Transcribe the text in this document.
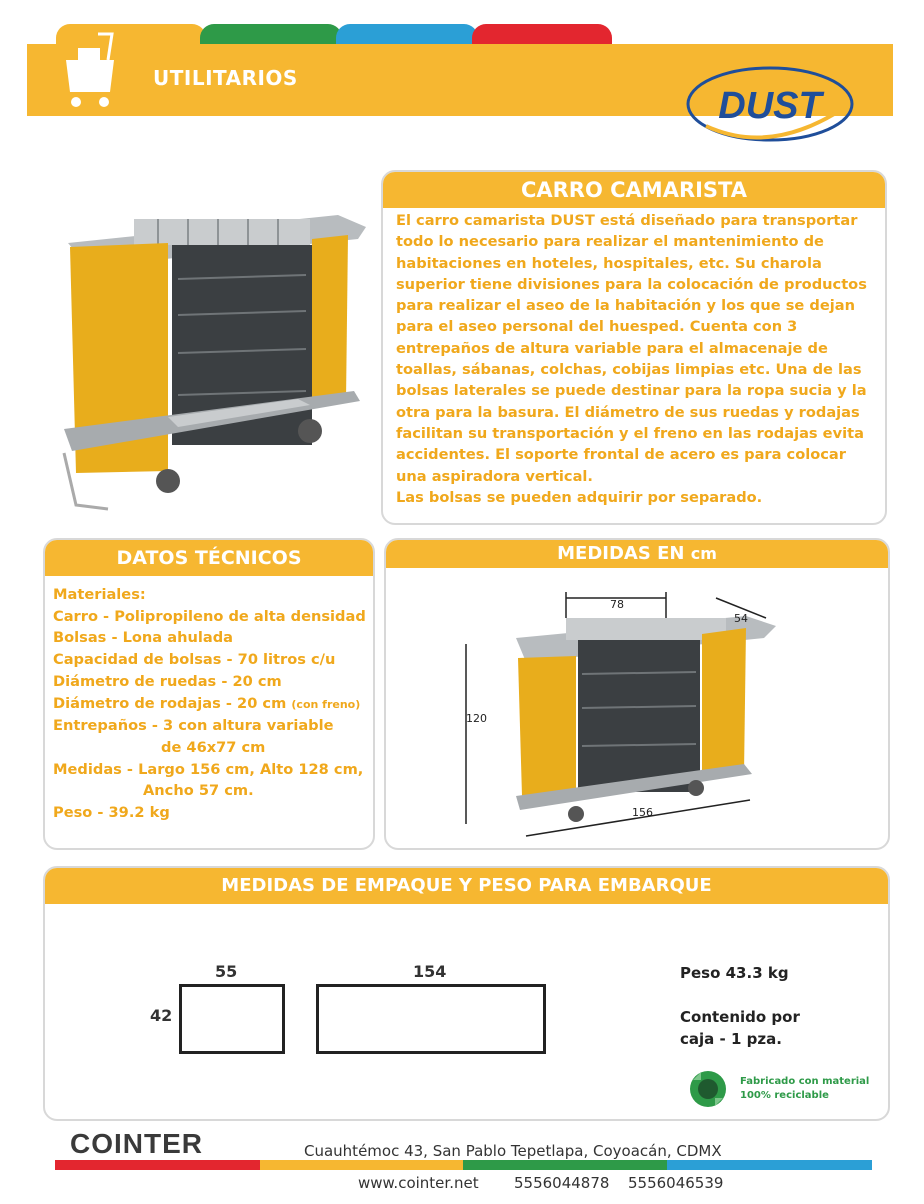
UTILITARIOS
DUST
CARRO CAMARISTA
El carro camarista DUST está diseñado para transportar todo lo necesario para realizar el mantenimiento de habitaciones en hoteles, hospitales, etc. Su charola superior tiene divisiones para la colocación de productos para realizar el aseo de la habitación y los que se dejan para el aseo personal del huesped. Cuenta con 3 entrepaños de altura variable para el almacenaje de toallas, sábanas, colchas, cobijas limpias etc. Una de las bolsas laterales se puede destinar para la ropa sucia y la otra para la basura. El diámetro de sus ruedas y rodajas facilitan su transportación y el freno en las rodajas evita accidentes. El soporte frontal de acero es para colocar una aspiradora vertical.
Las bolsas se pueden adquirir por separado.
DATOS TÉCNICOS
Materiales:
Carro - Polipropileno de alta densidad
Bolsas - Lona ahulada
Capacidad de bolsas - 70 litros c/u
Diámetro de ruedas - 20 cm
Diámetro de rodajas - 20 cm (con freno)
Entrepaños - 3 con altura variable
de 46x77 cm
Medidas - Largo 156 cm, Alto 128 cm,
Ancho 57 cm.
Peso - 39.2 kg
MEDIDAS EN cm
78
54
120
156
MEDIDAS DE EMPAQUE Y PESO PARA EMBARQUE
55
42
154	Peso 43.3 kg
Contenido por
caja - 1 pza.
Fabricado con material
100% reciclable
COINTER	Cuauhtémoc 43, San Pablo Tepetlapa, Coyoacán, CDMX
www.cointer.net 5556044878 5556046539
